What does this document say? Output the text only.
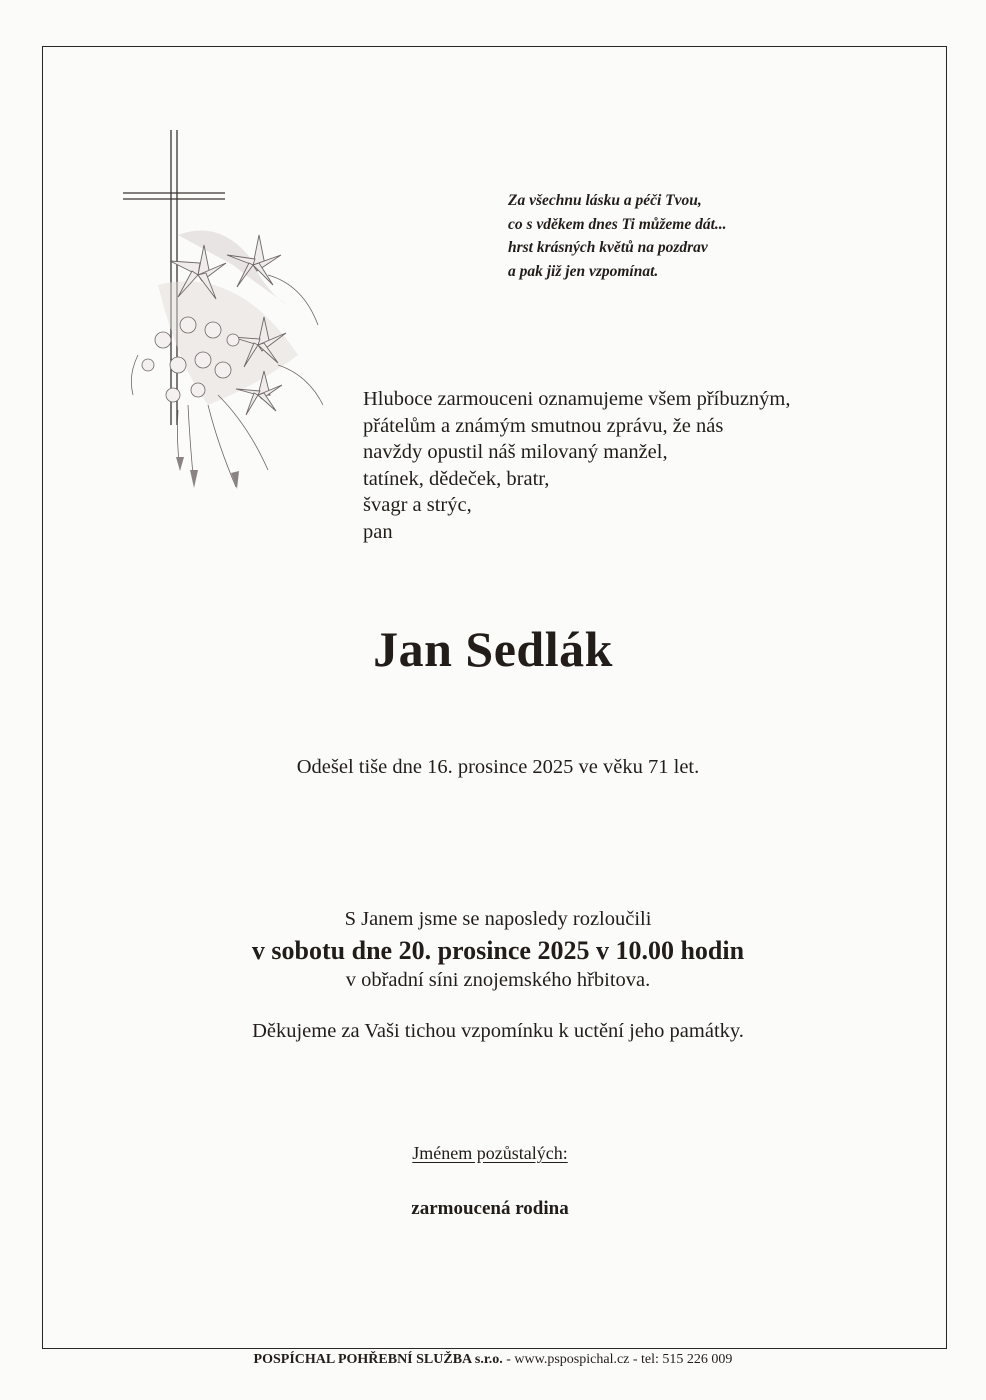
Za všechnu lásku a péči Tvou,
co s vděkem dnes Ti můžeme dát...
hrst krásných květů na pozdrav
a pak již jen vzpomínat.
Hluboce zarmouceni oznamujeme všem příbuzným,
přátelům a známým smutnou zprávu, že nás
navždy opustil náš milovaný manžel,
tatínek, dědeček, bratr,
švagr a strýc,
pan
Jan Sedlák
Odešel tiše dne 16. prosince 2025 ve věku 71 let.
S Janem jsme se naposledy rozloučili
v sobotu dne 20. prosince 2025 v 10.00 hodin
v obřadní síni znojemského hřbitova.
Děkujeme za Vaši tichou vzpomínku k uctění jeho památky.
Jménem pozůstalých:
zarmoucená rodina
POSPÍCHAL POHŘEBNÍ SLUŽBA s.r.o. - www.pspospichal.cz - tel: 515 226 009
